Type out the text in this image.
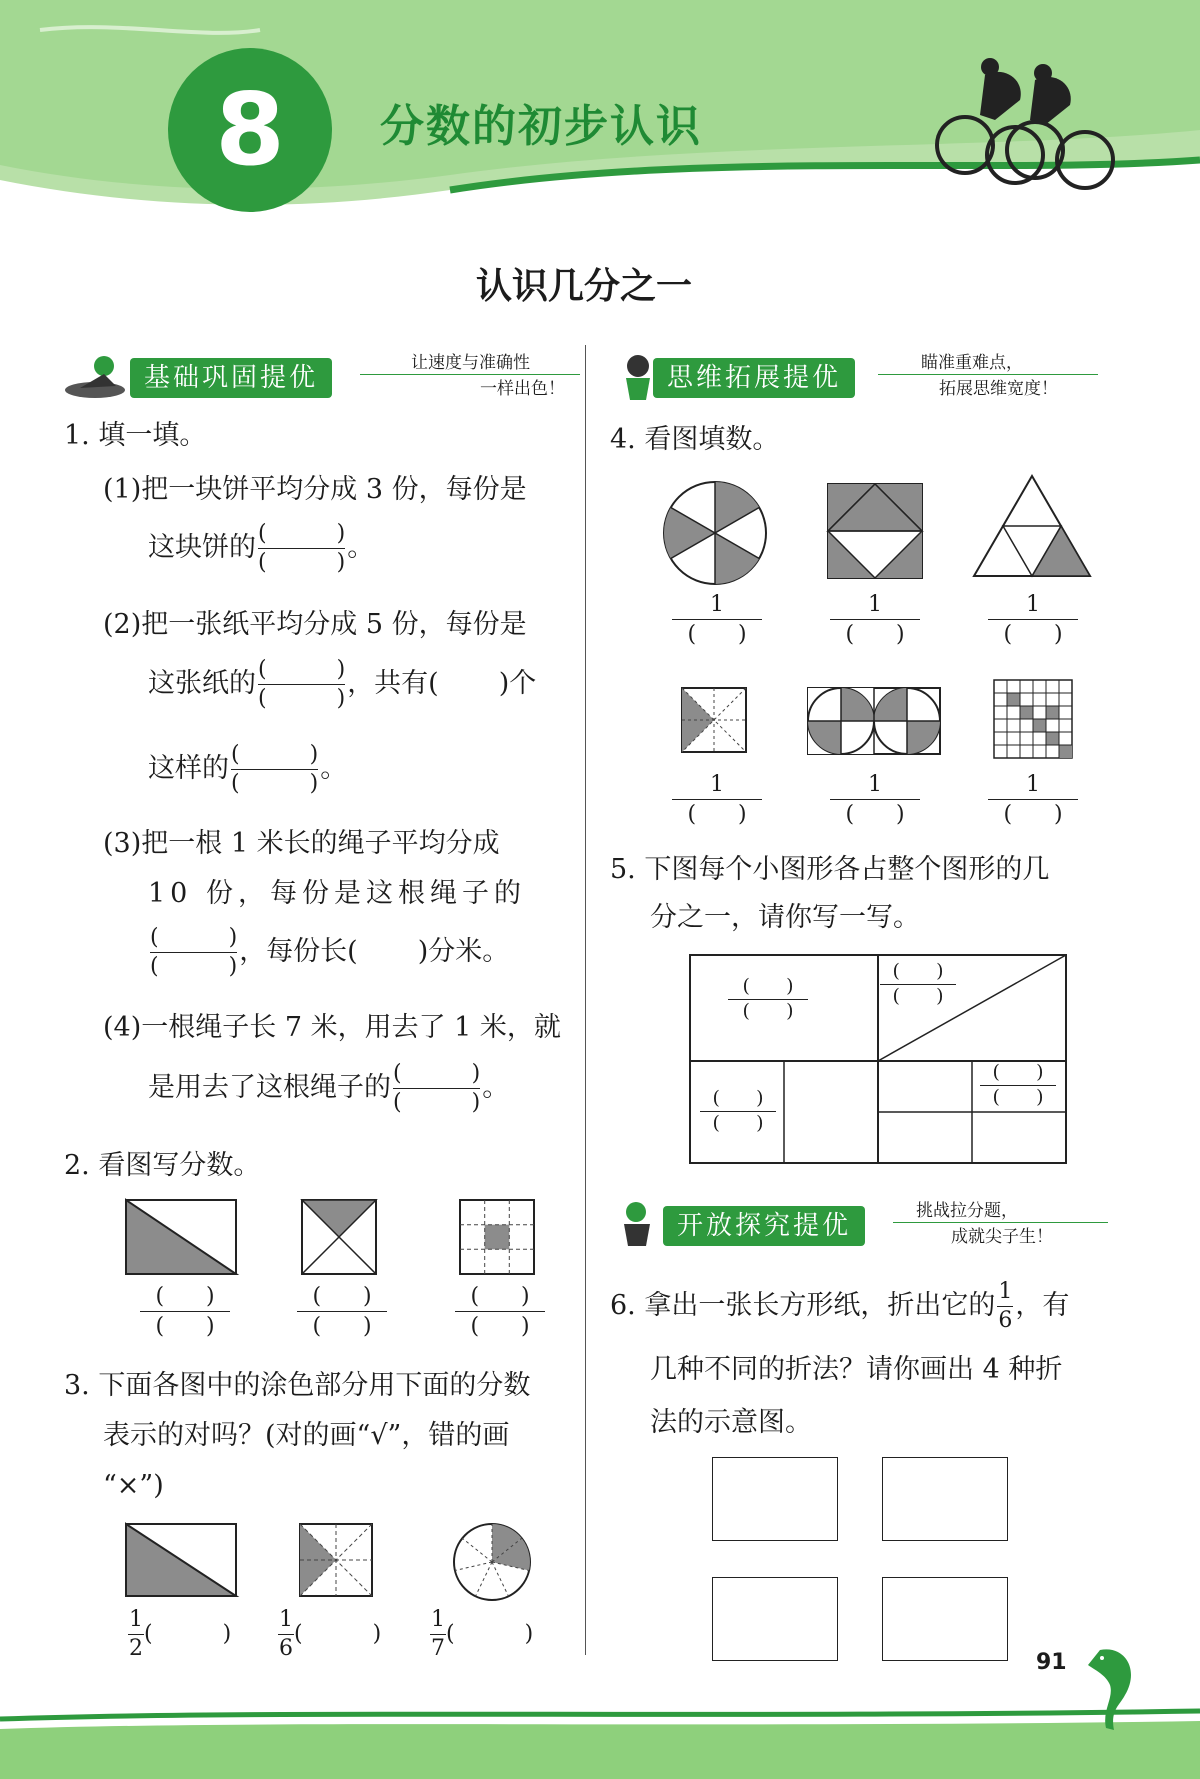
8	分数的初步认识
认识几分之一
基础巩固提优	让速度与准确性
一样出色！
1. 填一填。
(1)把一块饼平均分成 3 份，每份是
这块饼的 (	)
(	) 。
(2)把一张纸平均分成 5 份，每份是
这张纸的 (	)
(	) ，共有( )个
这样的 (	)
(	) 。
(3)把一根 1 米长的绳子平均分成
10 份，每份是这根绳子的
(	)
(	) ，每份长( )分米。
(4)一根绳子长 7 米，用去了 1 米，就
是用去了这根绳子的 (	)
(	) 。
2. 看图写分数。
(      )
(      )
(      )
(      )
(      )
(      )
3. 下面各图中的涂色部分用下面的分数
表示的对吗？(对的画“√”，错的画
“×”)
$\frac{1}{2}$ (	) $\frac{1}{6}$ (	) $\frac{1}{7}$ (	)
思维拓展提优	瞄准重难点，
拓展思维宽度！
4. 看图填数。
1
(      )
1
(      )
1
(      )
1
(      )
1
(      )
1
(      )
5. 下图每个小图形各占整个图形的几
分之一，请你写一写。
(      )
(      )
(      )
(      )
(      )
(      )
(      )
(      )
开放探究提优	挑战拉分题，
成就尖子生！
6. 拿出一张长方形纸，折出它的 $\frac{1}{6}$ ，有
几种不同的折法？请你画出 4 种折
法的示意图。
91
